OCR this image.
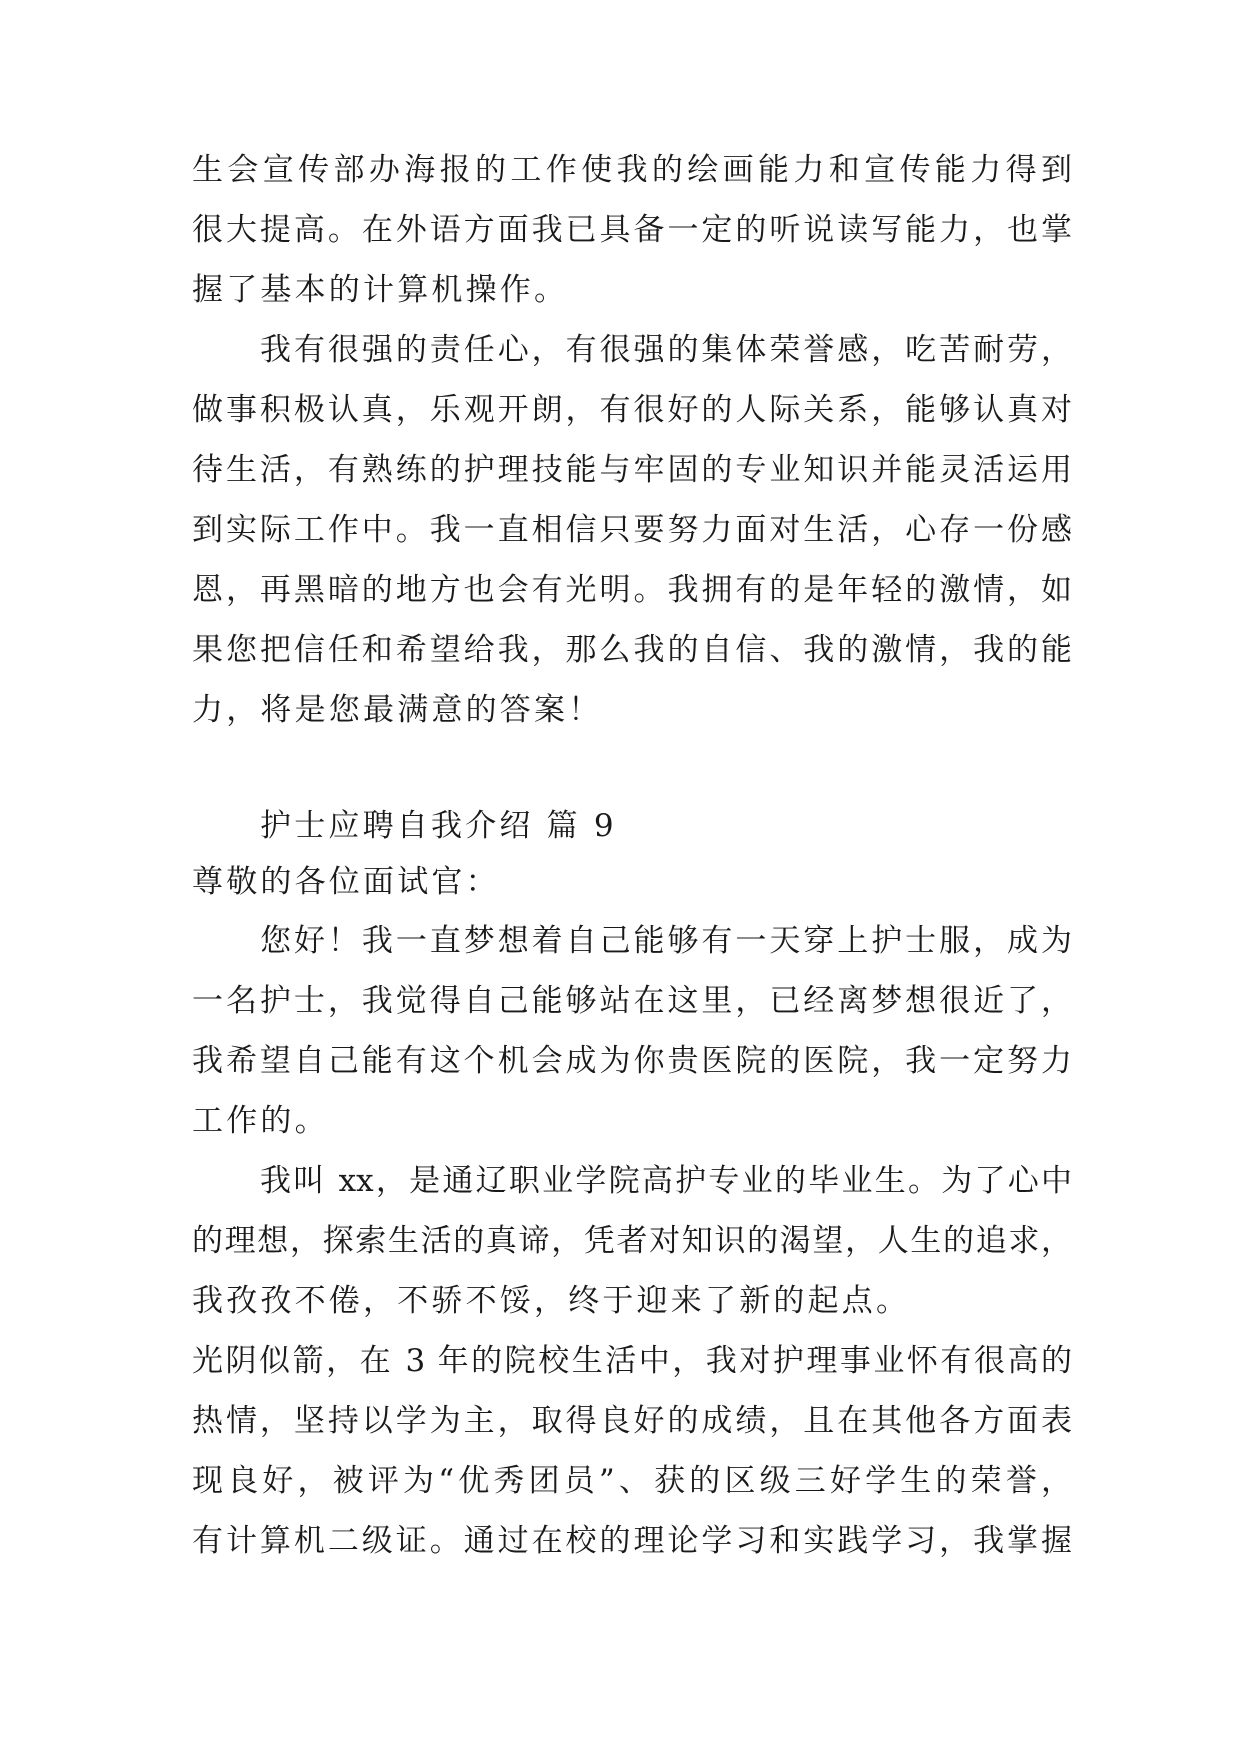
生会宣传部办海报的工作使我的绘画能力和宣传能力得到
很大提高。在外语方面我已具备一定的听说读写能力，也掌
握了基本的计算机操作。
我有很强的责任心，有很强的集体荣誉感，吃苦耐劳，
做事积极认真，乐观开朗，有很好的人际关系，能够认真对
待生活，有熟练的护理技能与牢固的专业知识并能灵活运用
到实际工作中。我一直相信只要努力面对生活，心存一份感
恩，再黑暗的地方也会有光明。我拥有的是年轻的激情，如
果您把信任和希望给我，那么我的自信、我的激情，我的能
力，将是您最满意的答案！
护士应聘自我介绍 篇 9
尊敬的各位面试官：
您好！我一直梦想着自己能够有一天穿上护士服，成为
一名护士，我觉得自己能够站在这里，已经离梦想很近了，
我希望自己能有这个机会成为你贵医院的医院，我一定努力
工作的。
我叫 xx，是通辽职业学院高护专业的毕业生。为了心中
的理想，探索生活的真谛，凭者对知识的渴望，人生的追求，
我孜孜不倦，不骄不馁，终于迎来了新的起点。
光阴似箭，在 3 年的院校生活中，我对护理事业怀有很高的
热情，坚持以学为主，取得良好的成绩，且在其他各方面表
现良好，被评为“优秀团员”、获的区级三好学生的荣誉，
有计算机二级证。通过在校的理论学习和实践学习，我掌握
